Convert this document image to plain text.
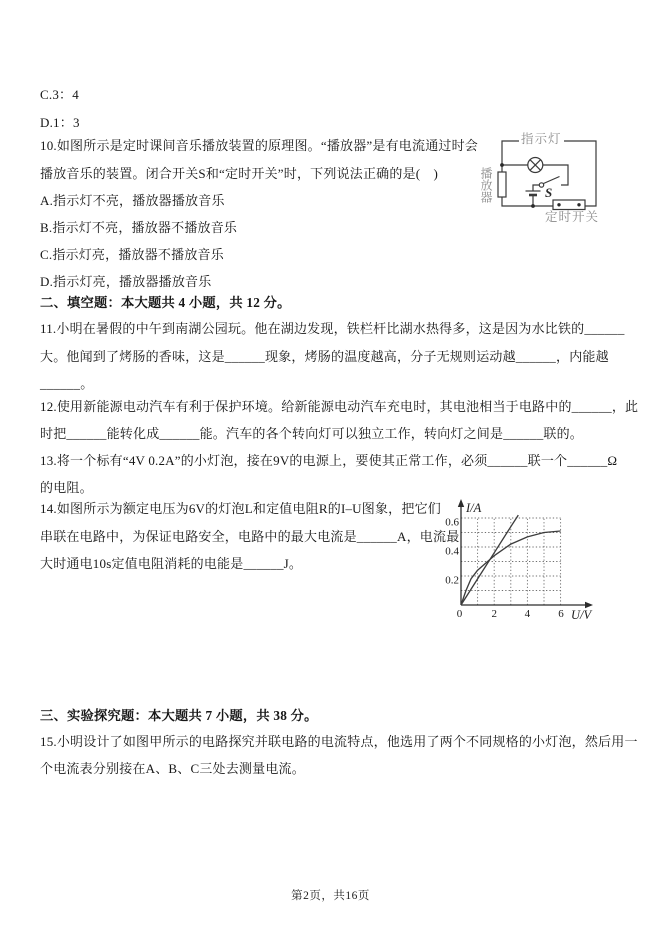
C.3：4
D.1：3
10.如图所示是定时课间音乐播放装置的原理图。“播放器”是有电流通过时会
播放音乐的装置。闭合开关S和“定时开关”时，下列说法正确的是(　)
A.指示灯不亮，播放器播放音乐
B.指示灯不亮，播放器不播放音乐
C.指示灯亮，播放器不播放音乐
D.指示灯亮，播放器播放音乐
指示灯
播放器	S
定时开关
二、填空题：本大题共 4 小题，共 12 分。
11.小明在暑假的中午到南湖公园玩。他在湖边发现，铁栏杆比湖水热得多，这是因为水比铁的______
大。他闻到了烤肠的香味，这是______现象，烤肠的温度越高，分子无规则运动越______，内能越
______。
12.使用新能源电动汽车有利于保护环境。给新能源电动汽车充电时，其电池相当于电路中的______，此
时把______能转化成______能。汽车的各个转向灯可以独立工作，转向灯之间是______联的。
13.将一个标有“4V 0.2A”的小灯泡，接在9V的电源上，要使其正常工作，必须______联一个______Ω
的电阻。
14.如图所示为额定电压为6V的灯泡L和定值电阻R的I–U图象，把它们
串联在电路中，为保证电路安全，电路中的最大电流是______A，电流最
大时通电10s定值电阻消耗的电能是______J。
I/A
U/V
0.2
0.4
0.6
0	2	4	6
三、实验探究题：本大题共 7 小题，共 38 分。
15.小明设计了如图甲所示的电路探究并联电路的电流特点，他选用了两个不同规格的小灯泡，然后用一
个电流表分别接在A、B、C三处去测量电流。
第2页，共16页
